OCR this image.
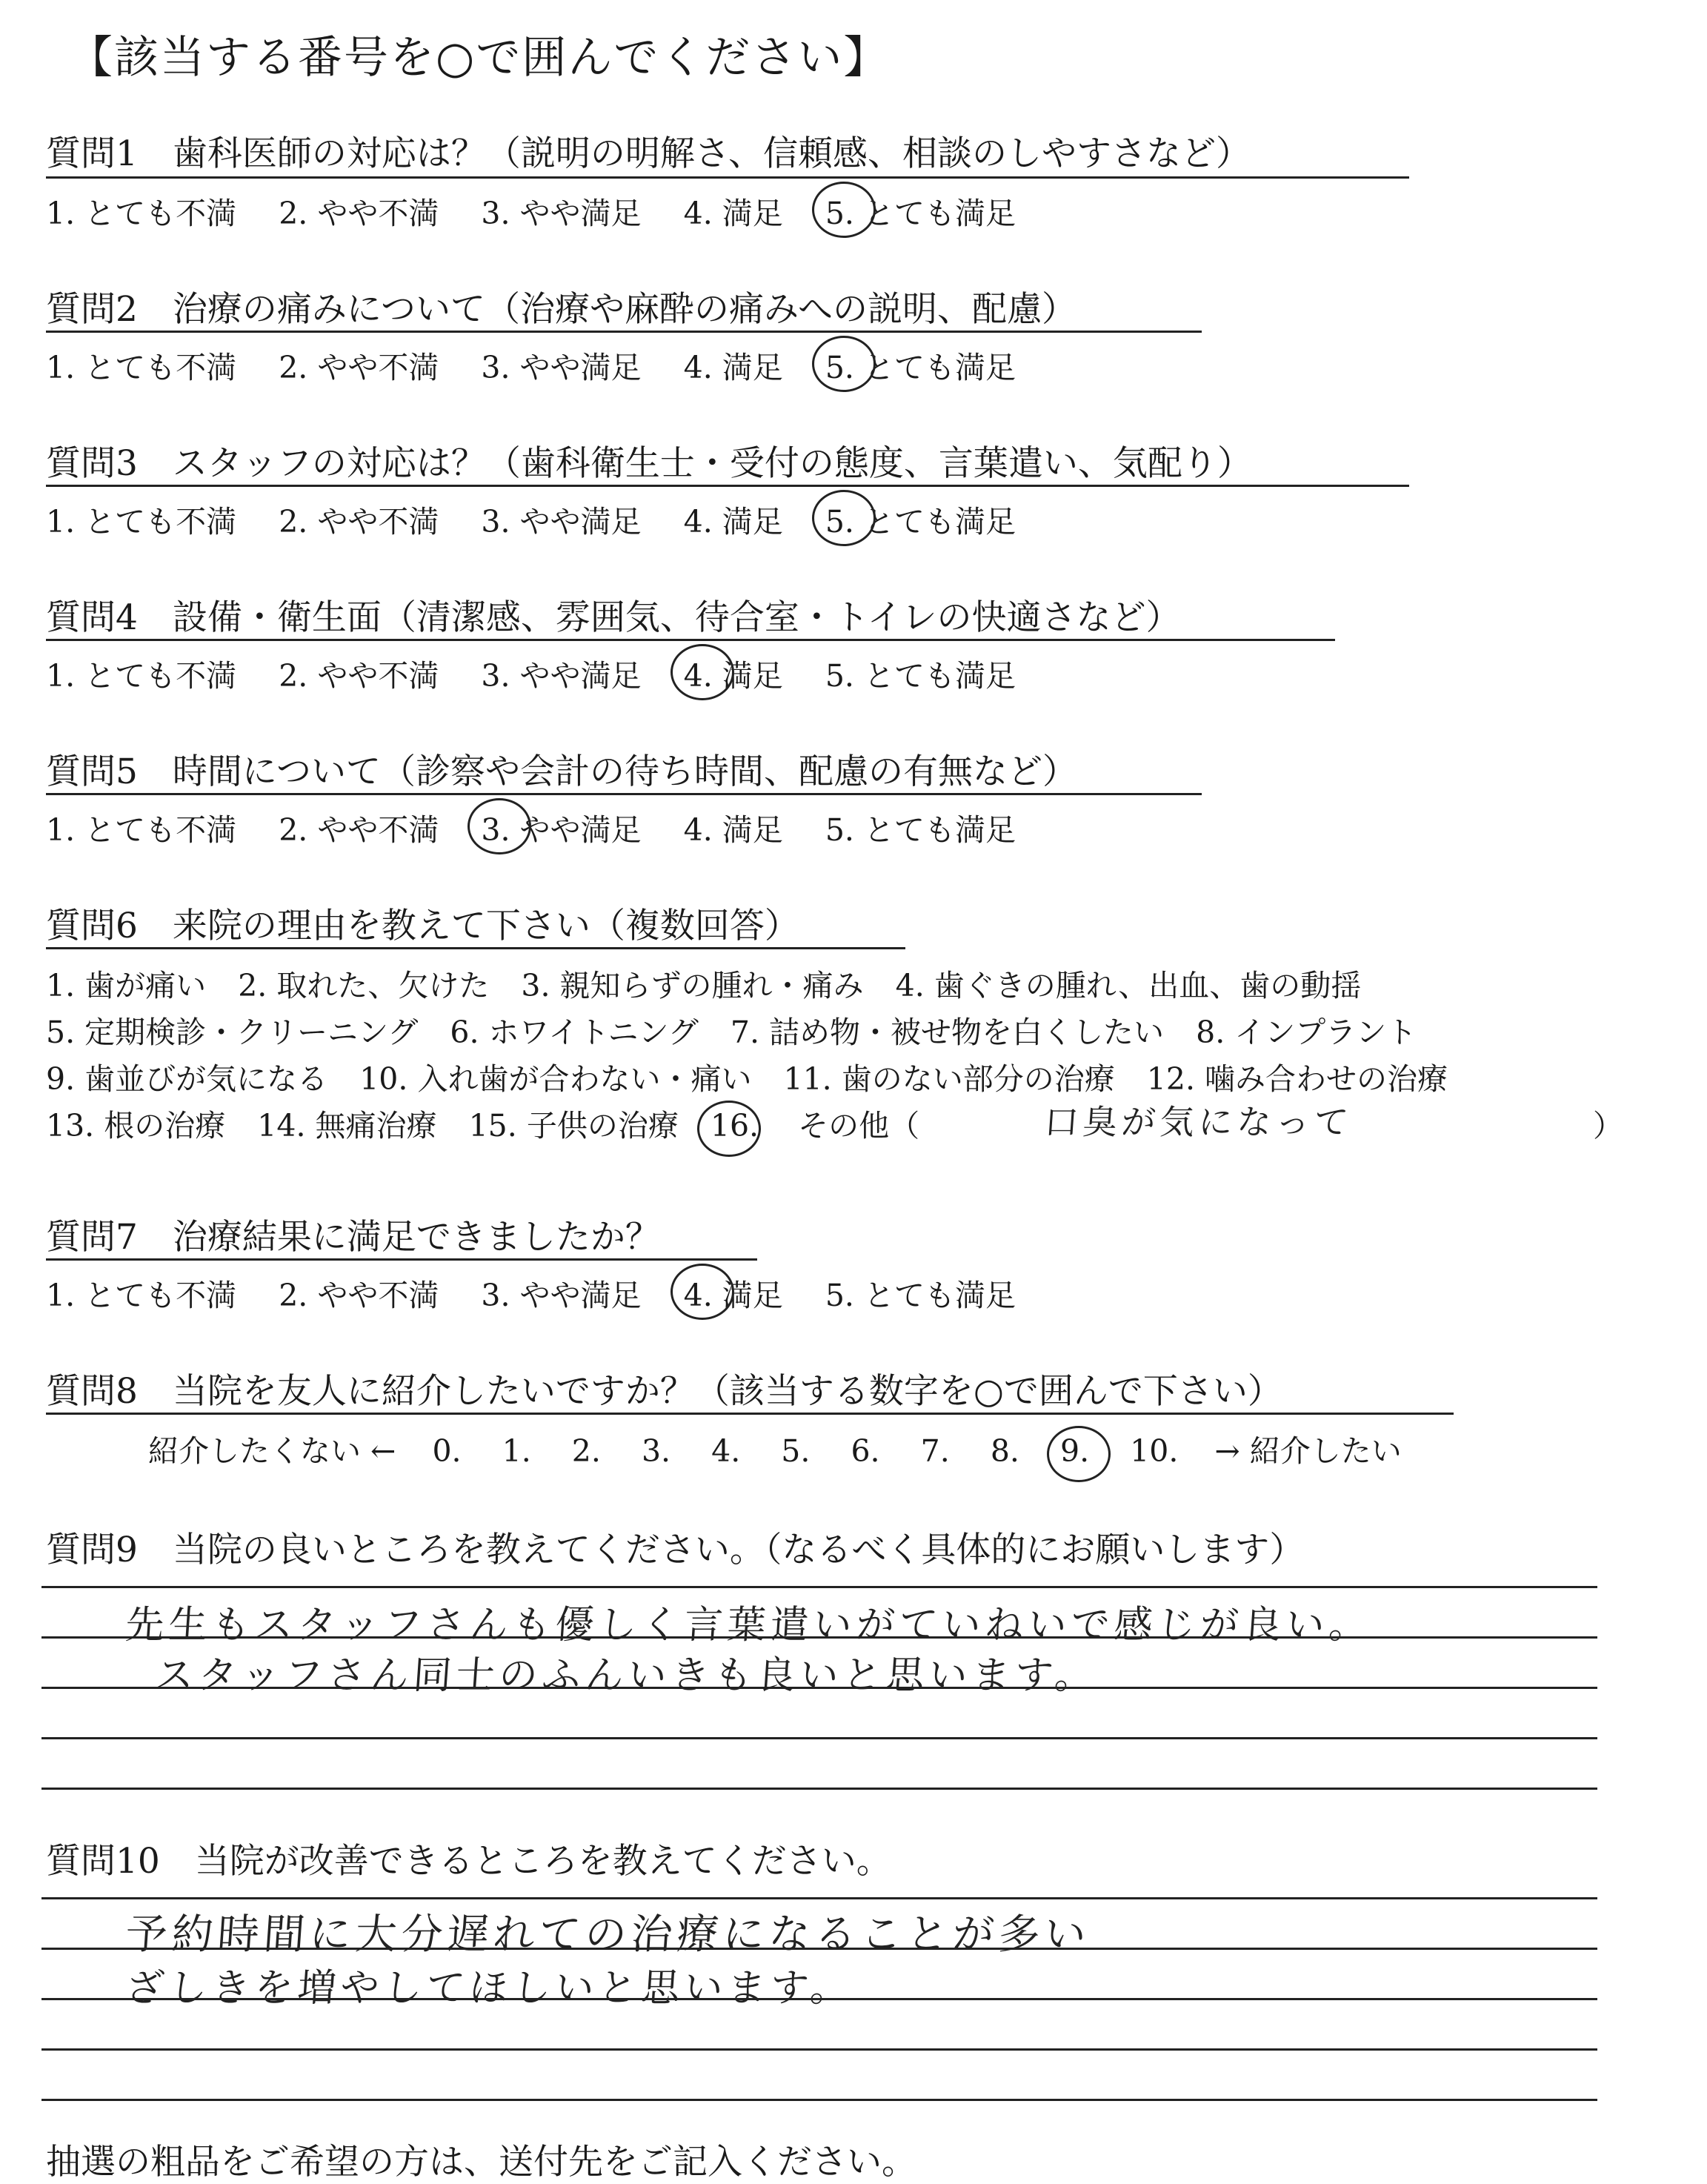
【該当する番号を○で囲んでください】
質問1　歯科医師の対応は？（説明の明解さ、信頼感、相談のしやすさなど）
1. とても不満 2. やや不満 3. やや満足 4. 満足 5. とても満足
質問2　治療の痛みについて（治療や麻酔の痛みへの説明、配慮）
1. とても不満 2. やや不満 3. やや満足 4. 満足 5. とても満足
質問3　スタッフの対応は？（歯科衛生士・受付の態度、言葉遣い、気配り）
1. とても不満 2. やや不満 3. やや満足 4. 満足 5. とても満足
質問4　設備・衛生面（清潔感、雰囲気、待合室・トイレの快適さなど）
1. とても不満 2. やや不満 3. やや満足 4. 満足 5. とても満足
質問5　時間について（診察や会計の待ち時間、配慮の有無など）
1. とても不満 2. やや不満 3. やや満足 4. 満足 5. とても満足
質問6　来院の理由を教えて下さい（複数回答）
1. 歯が痛い 2. 取れた、欠けた 3. 親知らずの腫れ・痛み 4. 歯ぐきの腫れ、出血、歯の動揺
5. 定期検診・クリーニング 6. ホワイトニング 7. 詰め物・被せ物を白くしたい 8. インプラント
9. 歯並びが気になる 10. 入れ歯が合わない・痛い 11. 歯のない部分の治療 12. 噛み合わせの治療
13. 根の治療 14. 無痛治療 15. 子供の治療 16. その他（	口臭が気になって	）
質問7　治療結果に満足できましたか？
1. とても不満 2. やや不満 3. やや満足 4. 満足 5. とても満足
質問8　当院を友人に紹介したいですか？（該当する数字を○で囲んで下さい）
紹介したくない ← 0. 1. 2. 3. 4. 5. 6. 7. 8. 9. 10. → 紹介したい
質問9　当院の良いところを教えてください。（なるべく具体的にお願いします）
先生もスタッフさんも優しく言葉遣いがていねいで感じが良い。
スタッフさん同士のふんいきも良いと思います。
質問10　当院が改善できるところを教えてください。
予約時間に大分遅れての治療になることが多い
ざしきを増やしてほしいと思います。
抽選の粗品をご希望の方は、送付先をご記入ください。
